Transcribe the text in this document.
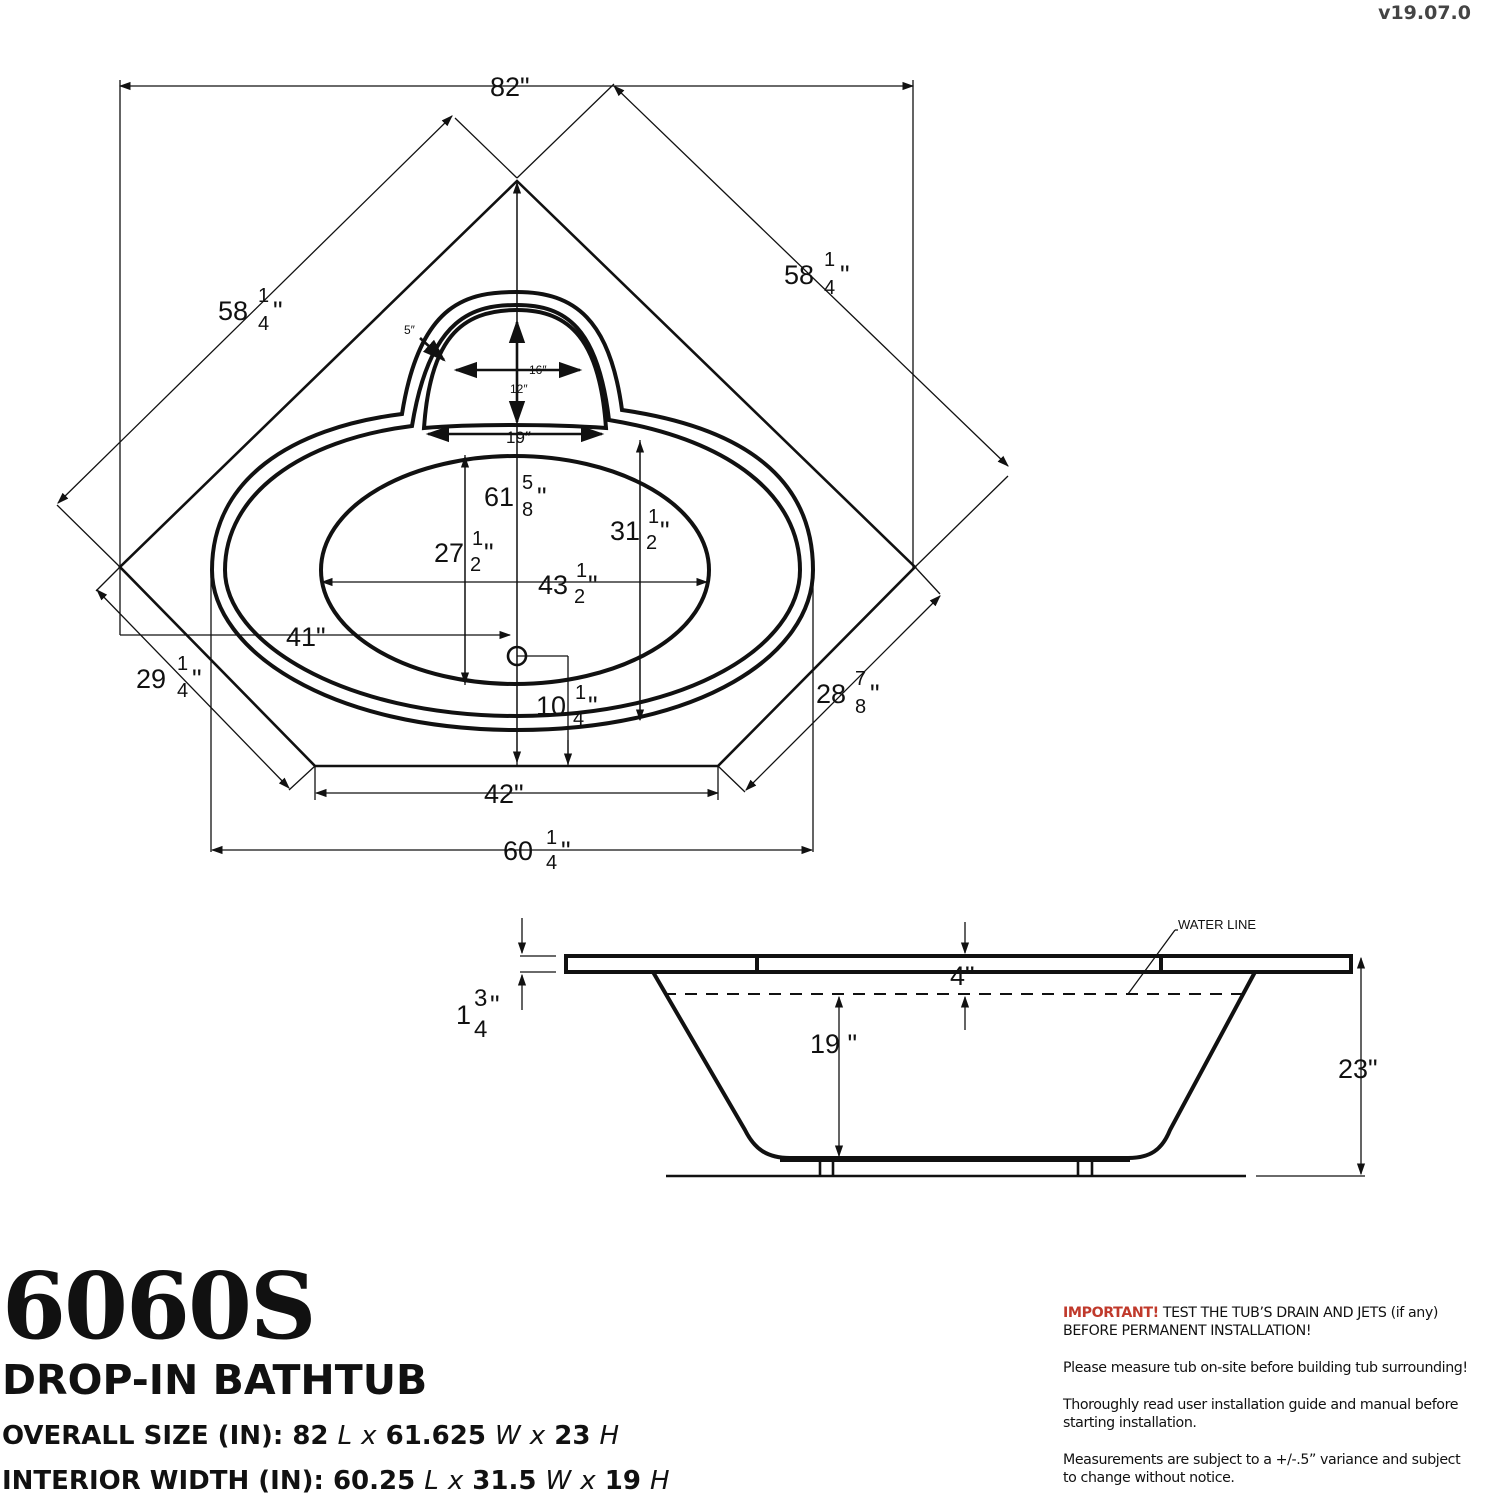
v19.07.0
82"
58 1
4 "
58 1
4 "
5″
16″
12″
19″
61 5
8 "
27 1
2 "
31 1
2 "
43 1
2 "
41"
10 1
4 "
29 1
4 "	28 7
8 "
42"
60 1
4 "
WATER LINE
1
3
4
"
4"
19 "
23"
6060S
DROP-IN BATHTUB
OVERALL SIZE (IN): 82 L x 61.625 W x 23 H
INTERIOR WIDTH (IN): 60.25 L x 31.5 W x 19 H

IMPORTANT! TEST THE TUB’S DRAIN AND JETS (if any) BEFORE PERMANENT INSTALLATION!

Please measure tub on-site before building tub surrounding!

Thoroughly read user installation guide and manual before starting installation.

Measurements are subject to a +/-.5” variance and subject to change without notice.
